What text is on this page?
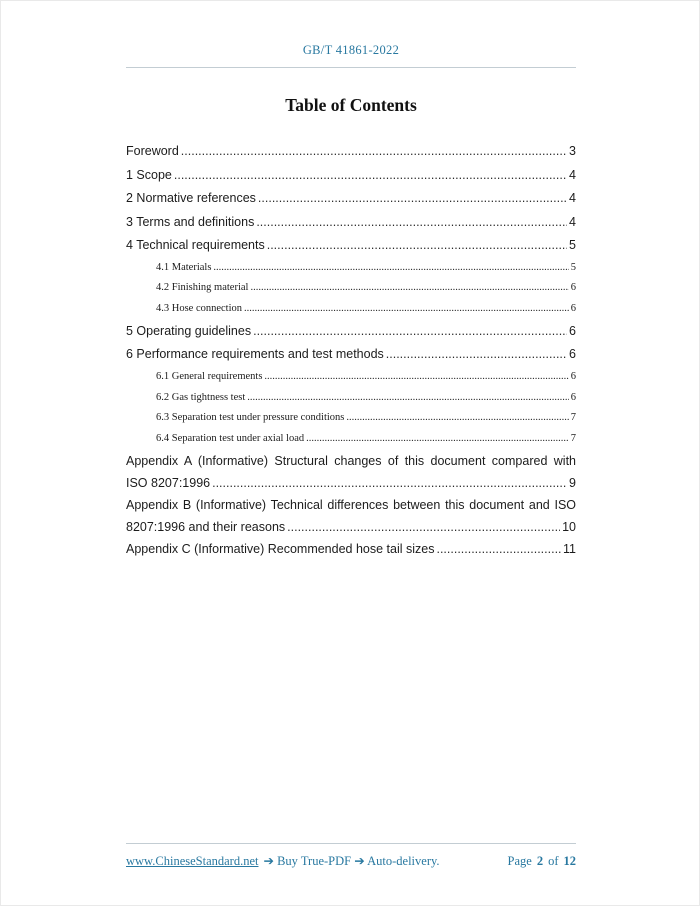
GB/T 41861-2022
Table of Contents
Foreword .....	3
1 Scope .....	4
2 Normative references .....	4
3 Terms and definitions .....	4
4 Technical requirements .....	5
4.1 Materials .....	5
4.2 Finishing material .....	6
4.3 Hose connection .....	6
5 Operating guidelines .....	6
6 Performance requirements and test methods .....	6
6.1 General requirements .....	6
6.2 Gas tightness test .....	6
6.3 Separation test under pressure conditions .....	7
6.4 Separation test under axial load .....	7
Appendix A (Informative) Structural changes of this document compared with
ISO 8207:1996 .....	9
Appendix B (Informative) Technical differences between this document and ISO
8207:1996 and their reasons .....	10
Appendix C (Informative) Recommended hose tail sizes .....	11
www.ChineseStandard.net ➔ Buy True-PDF ➔ Auto-delivery.	Page 2 of 12
